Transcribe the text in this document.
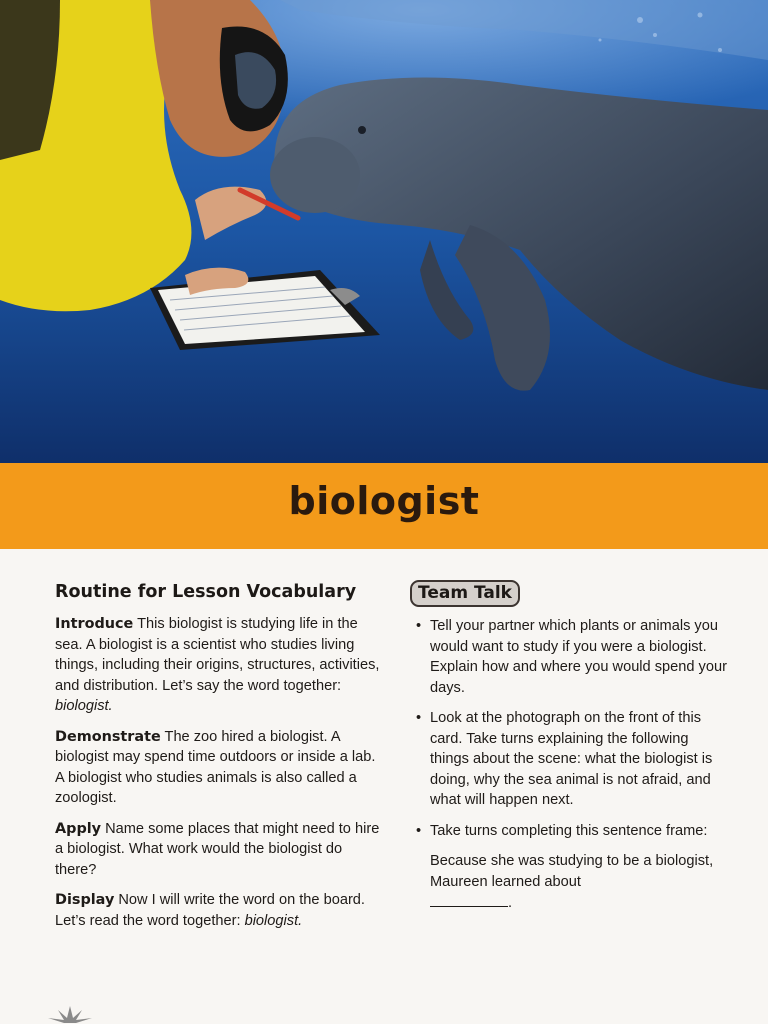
biologist
Routine for Lesson Vocabulary

Introduce This biologist is studying life in the sea. A biologist is a scientist who studies living things, including their origins, structures, activities, and distribution. Let’s say the word together: biologist.

Demonstrate The zoo hired a biologist. A biologist may spend time outdoors or inside a lab. A biologist who studies animals is also called a zoologist.

Apply Name some places that might need to hire a biologist. What work would the biologist do there?

Display Now I will write the word on the board. Let’s read the word together: biologist.

Team Talk
• Tell your partner which plants or animals you would want to study if you were a biologist. Explain how and where you would spend your days.
• Look at the photograph on the front of this card. Take turns explaining the following things about the scene: what the biologist is doing, why the sea animal is not afraid, and what will happen next.
• Take turns completing this sentence frame:
Because she was studying to be a biologist, Maureen learned about
.
